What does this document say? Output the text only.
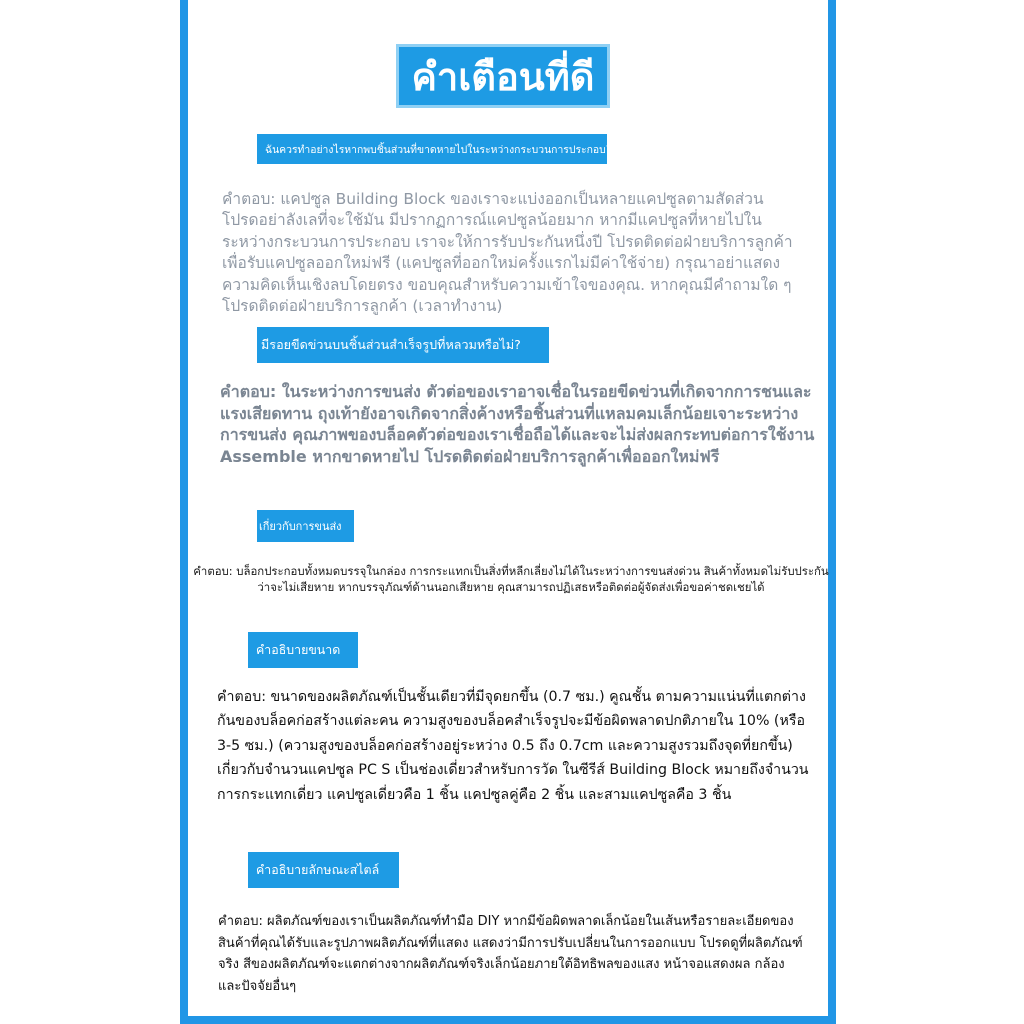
คำเตือนที่ดี
ฉันควรทำอย่างไรหากพบชิ้นส่วนที่ขาดหายไปในระหว่างกระบวนการประกอบ?
คำตอบ: แคปซูล Building Block ของเราจะแบ่งออกเป็นหลายแคปซูลตามสัดส่วน โปรดอย่าลังเลที่จะใช้มัน มีปรากฏการณ์แคปซูลน้อยมาก หากมีแคปซูลที่หายไปในระหว่างกระบวนการประกอบ เราจะให้การรับประกันหนึ่งปี โปรดติดต่อฝ่ายบริการลูกค้าเพื่อรับแคปซูลออกใหม่ฟรี (แคปซูลที่ออกใหม่ครั้งแรกไม่มีค่าใช้จ่าย) กรุณาอย่าแสดงความคิดเห็นเชิงลบโดยตรง ขอบคุณสำหรับความเข้าใจของคุณ. หากคุณมีคำถามใด ๆ โปรดติดต่อฝ่ายบริการลูกค้า (เวลาทำงาน)
มีรอยขีดข่วนบนชิ้นส่วนสำเร็จรูปที่หลวมหรือไม่?
คำตอบ: ในระหว่างการขนส่ง ตัวต่อของเราอาจเชื่อในรอยขีดข่วนที่เกิดจากการชนและแรงเสียดทาน ถุงเท้ายังอาจเกิดจากสิ่งค้างหรือชิ้นส่วนที่แหลมคมเล็กน้อยเจาะระหว่างการขนส่ง คุณภาพของบล็อคตัวต่อของเราเชื่อถือได้และจะไม่ส่งผลกระทบต่อการใช้งาน Assemble หากขาดหายไป โปรดติดต่อฝ่ายบริการลูกค้าเพื่อออกใหม่ฟรี
เกี่ยวกับการขนส่ง
คำตอบ: บล็อกประกอบทั้งหมดบรรจุในกล่อง การกระแทกเป็นสิ่งที่หลีกเลี่ยงไม่ได้ในระหว่างการขนส่งด่วน สินค้าทั้งหมดไม่รับประกันว่าจะไม่เสียหาย หากบรรจุภัณฑ์ด้านนอกเสียหาย คุณสามารถปฏิเสธหรือติดต่อผู้จัดส่งเพื่อขอค่าชดเชยได้
คำอธิบายขนาด
คำตอบ: ขนาดของผลิตภัณฑ์เป็นชั้นเดียวที่มีจุดยกขึ้น (0.7 ซม.) คูณชั้น ตามความแน่นที่แตกต่างกันของบล็อคก่อสร้างแต่ละคน ความสูงของบล็อคสำเร็จรูปจะมีข้อผิดพลาดปกติภายใน 10% (หรือ 3-5 ซม.) (ความสูงของบล็อคก่อสร้างอยู่ระหว่าง 0.5 ถึง 0.7cm และความสูงรวมถึงจุดที่ยกขึ้น) เกี่ยวกับจำนวนแคปซูล PC S เป็นช่องเดี่ยวสำหรับการวัด ในซีรีส์ Building Block หมายถึงจำนวนการกระแทกเดี่ยว แคปซูลเดี่ยวคือ 1 ชิ้น แคปซูลคู่คือ 2 ชิ้น และสามแคปซูลคือ 3 ชิ้น
คำอธิบายลักษณะสไตล์
คำตอบ: ผลิตภัณฑ์ของเราเป็นผลิตภัณฑ์ทำมือ DIY หากมีข้อผิดพลาดเล็กน้อยในเส้นหรือรายละเอียดของสินค้าที่คุณได้รับและรูปภาพผลิตภัณฑ์ที่แสดง แสดงว่ามีการปรับเปลี่ยนในการออกแบบ โปรดดูที่ผลิตภัณฑ์จริง สีของผลิตภัณฑ์จะแตกต่างจากผลิตภัณฑ์จริงเล็กน้อยภายใต้อิทธิพลของแสง หน้าจอแสดงผล กล้อง และปัจจัยอื่นๆ
